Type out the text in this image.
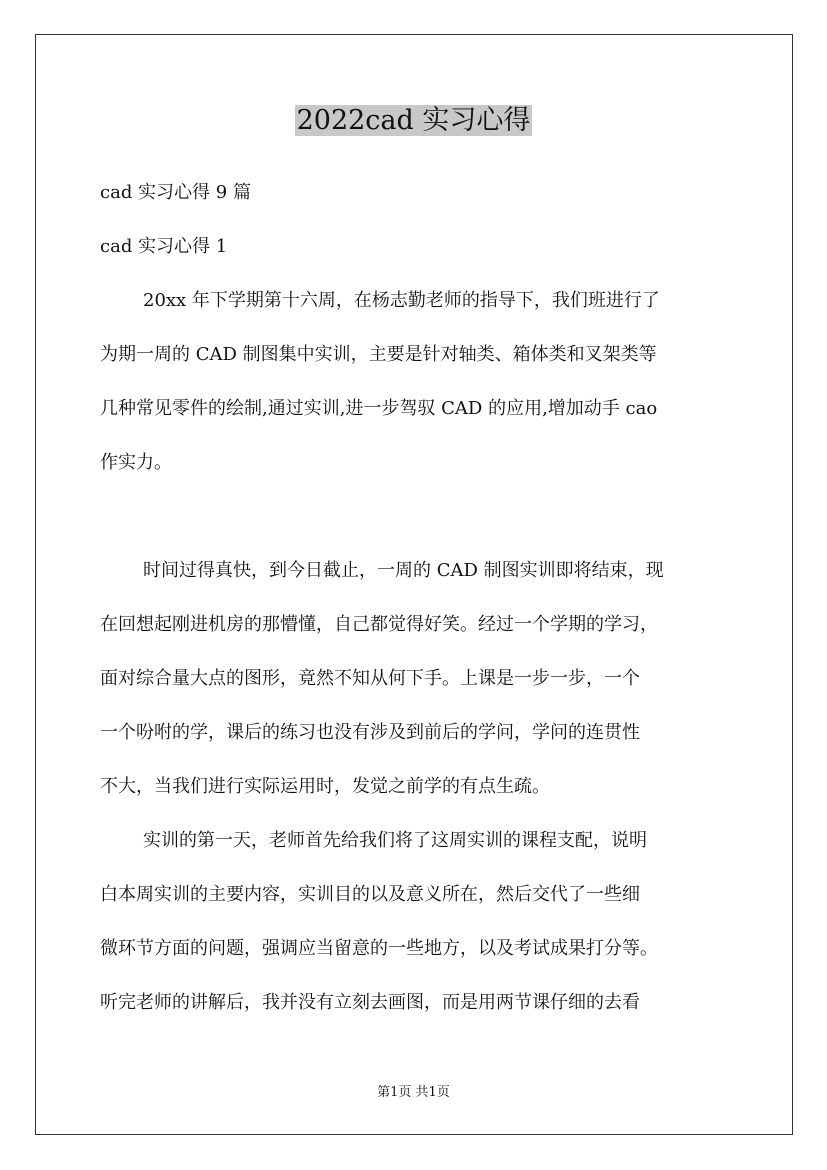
2022cad 实习心得
cad 实习心得 9 篇
cad 实习心得 1
20xx 年下学期第十六周，在杨志勤老师的指导下，我们班进行了
为期一周的 CAD 制图集中实训，主要是针对轴类、箱体类和叉架类等
几种常见零件的绘制,通过实训,进一步驾驭 CAD 的应用,增加动手 cao
作实力。
时间过得真快，到今日截止，一周的 CAD 制图实训即将结束，现
在回想起刚进机房的那懵懂，自己都觉得好笑。经过一个学期的学习，
面对综合量大点的图形，竟然不知从何下手。上课是一步一步，一个
一个吩咐的学，课后的练习也没有涉及到前后的学问，学问的连贯性
不大，当我们进行实际运用时，发觉之前学的有点生疏。
实训的第一天，老师首先给我们将了这周实训的课程支配，说明
白本周实训的主要内容，实训目的以及意义所在，然后交代了一些细
微环节方面的问题，强调应当留意的一些地方，以及考试成果打分等。
听完老师的讲解后，我并没有立刻去画图，而是用两节课仔细的去看
第1页 共1页
